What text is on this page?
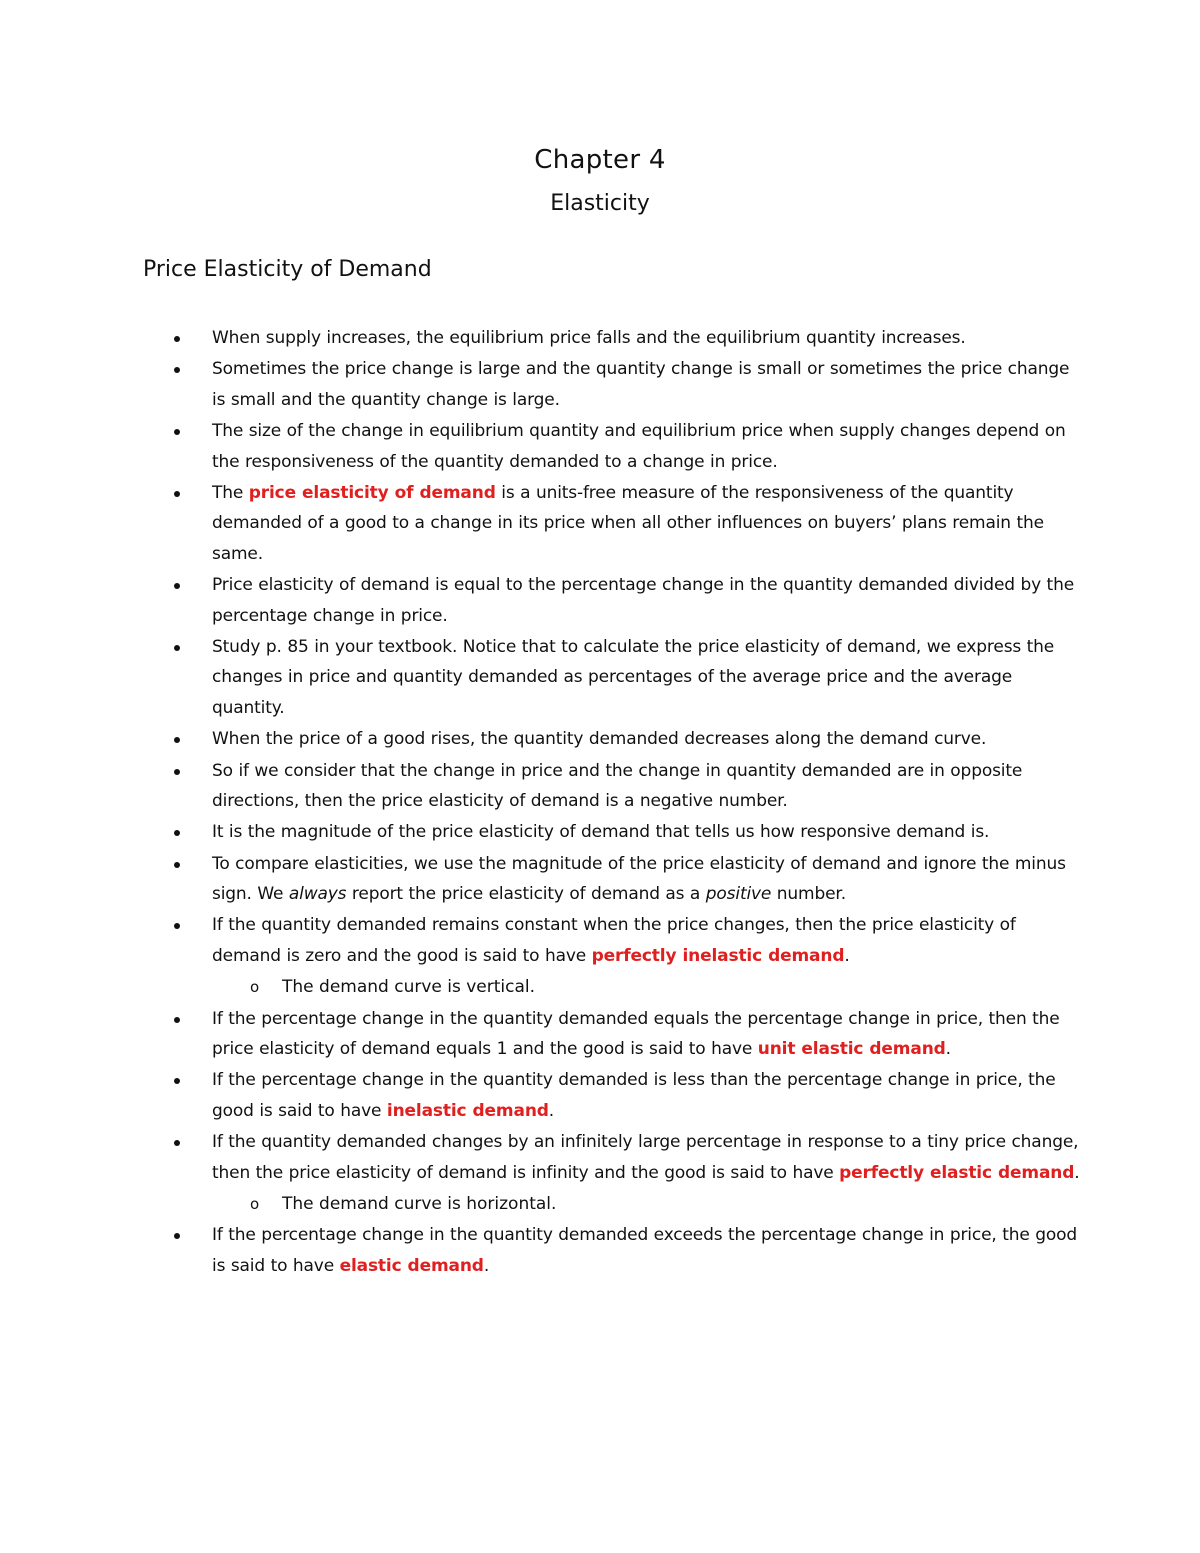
Chapter 4
Elasticity
Price Elasticity of Demand
When supply increases, the equilibrium price falls and the equilibrium quantity increases.
Sometimes the price change is large and the quantity change is small or sometimes the price change is small and the quantity change is large.
The size of the change in equilibrium quantity and equilibrium price when supply changes depend on the responsiveness of the quantity demanded to a change in price.
The price elasticity of demand is a units-free measure of the responsiveness of the quantity demanded of a good to a change in its price when all other influences on buyers’ plans remain the same.
Price elasticity of demand is equal to the percentage change in the quantity demanded divided by the percentage change in price.
Study p. 85 in your textbook. Notice that to calculate the price elasticity of demand, we express the changes in price and quantity demanded as percentages of the average price and the average quantity.
When the price of a good rises, the quantity demanded decreases along the demand curve.
So if we consider that the change in price and the change in quantity demanded are in opposite directions, then the price elasticity of demand is a negative number.
It is the magnitude of the price elasticity of demand that tells us how responsive demand is.
To compare elasticities, we use the magnitude of the price elasticity of demand and ignore the minus sign. We always report the price elasticity of demand as a positive number.
If the quantity demanded remains constant when the price changes, then the price elasticity of demand is zero and the good is said to have perfectly inelastic demand.
o The demand curve is vertical.
If the percentage change in the quantity demanded equals the percentage change in price, then the price elasticity of demand equals 1 and the good is said to have unit elastic demand.
If the percentage change in the quantity demanded is less than the percentage change in price, the good is said to have inelastic demand.
If the quantity demanded changes by an infinitely large percentage in response to a tiny price change, then the price elasticity of demand is infinity and the good is said to have perfectly elastic demand.
o The demand curve is horizontal.
If the percentage change in the quantity demanded exceeds the percentage change in price, the good is said to have elastic demand.
